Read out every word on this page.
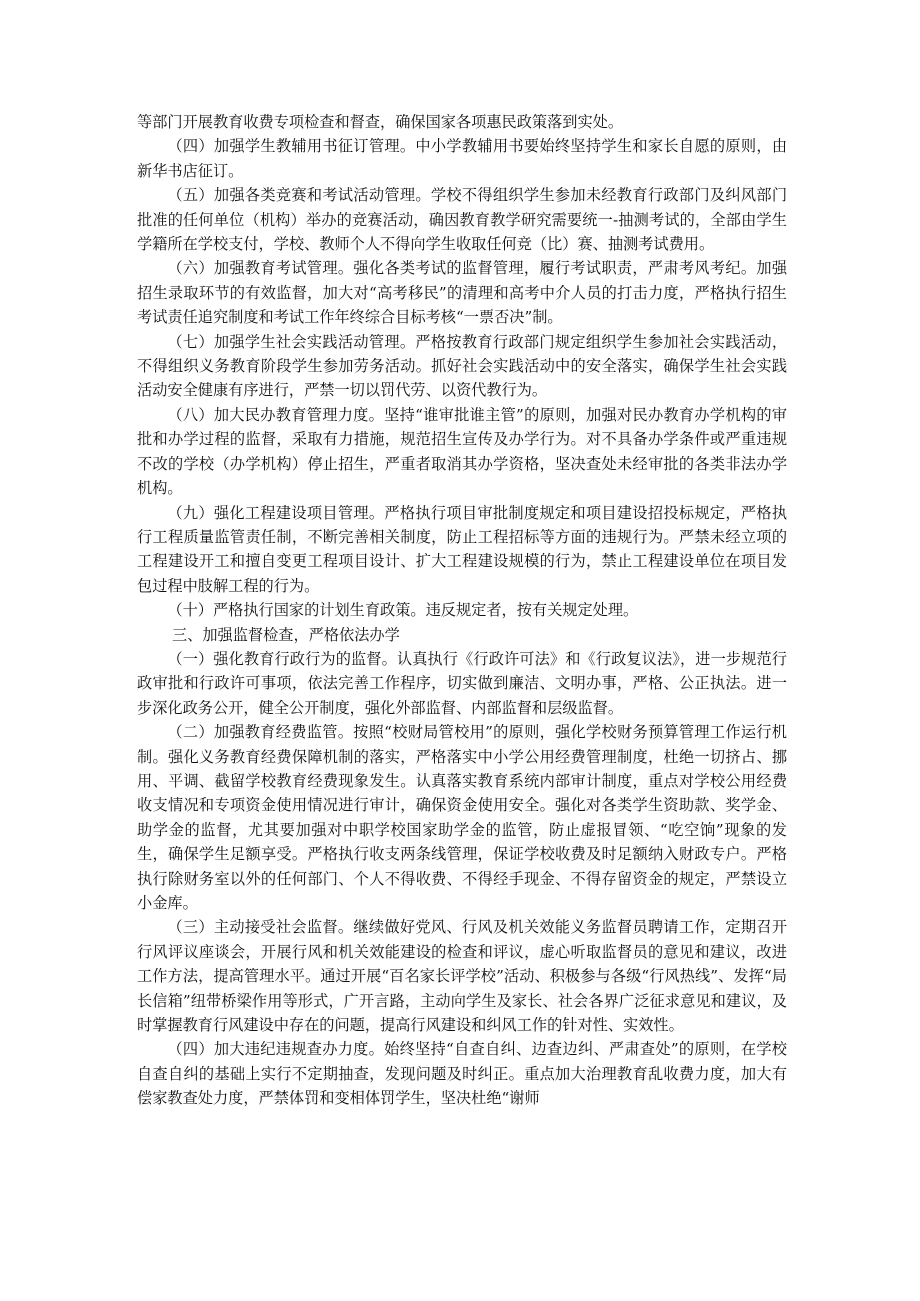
等部门开展教育收费专项检查和督查，确保国家各项惠民政策落到实处。

（四）加强学生教辅用书征订管理。中小学教辅用书要始终坚持学生和家长自愿的原则，由新华书店征订。

（五）加强各类竞赛和考试活动管理。学校不得组织学生参加未经教育行政部门及纠风部门批准的任何单位（机构）举办的竞赛活动，确因教育教学研究需要统一-抽测考试的，全部由学生学籍所在学校支付，学校、教师个人不得向学生收取任何竞（比）赛、抽测考试费用。

（六）加强教育考试管理。强化各类考试的监督管理，履行考试职责，严肃考风考纪。加强招生录取环节的有效监督，加大对“高考移民”的清理和高考中介人员的打击力度，严格执行招生考试责任追究制度和考试工作年终综合目标考核“一票否决”制。

（七）加强学生社会实践活动管理。严格按教育行政部门规定组织学生参加社会实践活动，不得组织义务教育阶段学生参加劳务活动。抓好社会实践活动中的安全落实，确保学生社会实践活动安全健康有序进行，严禁一切以罚代劳、以资代教行为。

（八）加大民办教育管理力度。坚持“谁审批谁主管”的原则，加强对民办教育办学机构的审批和办学过程的监督，采取有力措施，规范招生宣传及办学行为。对不具备办学条件或严重违规不改的学校（办学机构）停止招生，严重者取消其办学资格，坚决查处未经审批的各类非法办学机构。

（九）强化工程建设项目管理。严格执行项目审批制度规定和项目建设招投标规定，严格执行工程质量监管责任制，不断完善相关制度，防止工程招标等方面的违规行为。严禁未经立项的工程建设开工和擅自变更工程项目设计、扩大工程建设规模的行为，禁止工程建设单位在项目发包过程中肢解工程的行为。

（十）严格执行国家的计划生育政策。违反规定者，按有关规定处理。

三、加强监督检查，严格依法办学

（一）强化教育行政行为的监督。认真执行《行政许可法》和《行政复议法》，进一步规范行政审批和行政许可事项，依法完善工作程序，切实做到廉洁、文明办事，严格、公正执法。进一步深化政务公开，健全公开制度，强化外部监督、内部监督和层级监督。

（二）加强教育经费监管。按照“校财局管校用”的原则，强化学校财务预算管理工作运行机制。强化义务教育经费保障机制的落实，严格落实中小学公用经费管理制度，杜绝一切挤占、挪用、平调、截留学校教育经费现象发生。认真落实教育系统内部审计制度，重点对学校公用经费收支情况和专项资金使用情况进行审计，确保资金使用安全。强化对各类学生资助款、奖学金、助学金的监督，尤其要加强对中职学校国家助学金的监管，防止虚报冒领、“吃空饷”现象的发生，确保学生足额享受。严格执行收支两条线管理，保证学校收费及时足额纳入财政专户。严格执行除财务室以外的任何部门、个人不得收费、不得经手现金、不得存留资金的规定，严禁设立小金库。

（三）主动接受社会监督。继续做好党风、行风及机关效能义务监督员聘请工作，定期召开行风评议座谈会，开展行风和机关效能建设的检查和评议，虚心听取监督员的意见和建议，改进工作方法，提高管理水平。通过开展“百名家长评学校”活动、积极参与各级“行风热线”、发挥“局长信箱”纽带桥梁作用等形式，广开言路，主动向学生及家长、社会各界广泛征求意见和建议，及时掌握教育行风建设中存在的问题，提高行风建设和纠风工作的针对性、实效性。

（四）加大违纪违规查办力度。始终坚持“自查自纠、边查边纠、严肃查处”的原则，在学校自查自纠的基础上实行不定期抽查，发现问题及时纠正。重点加大治理教育乱收费力度，加大有偿家教查处力度，严禁体罚和变相体罚学生，坚决杜绝“谢师
